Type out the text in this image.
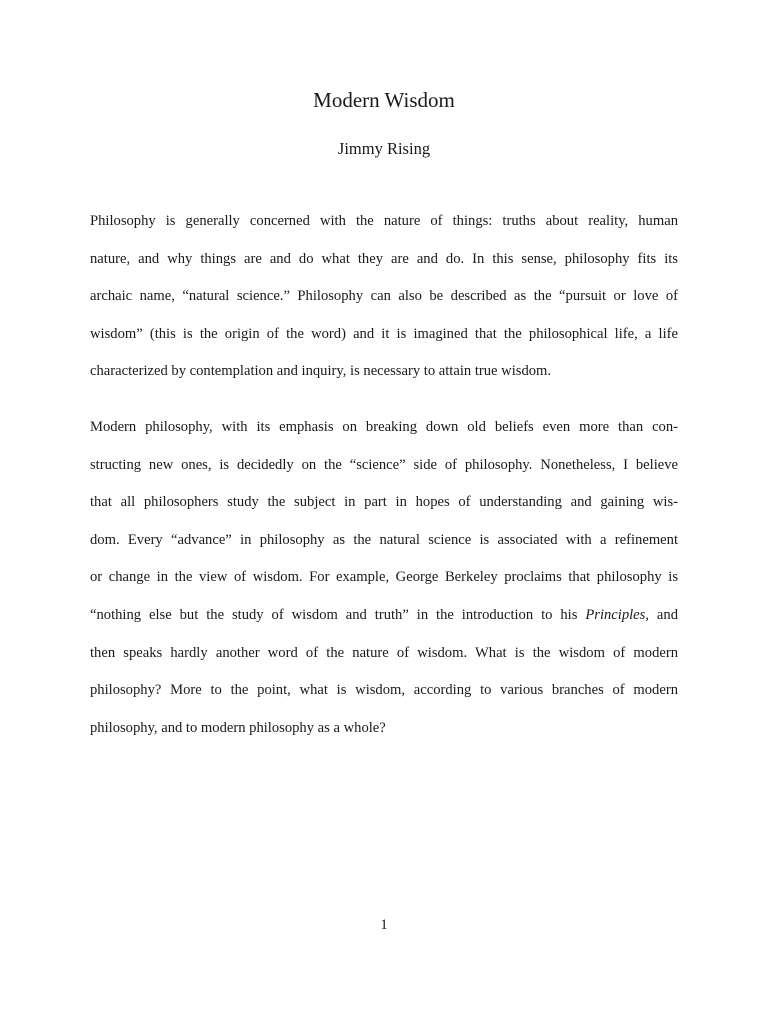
Modern Wisdom
Jimmy Rising
Philosophy is generally concerned with the nature of things: truths about reality, human
nature, and why things are and do what they are and do. In this sense, philosophy fits its
archaic name, “natural science.” Philosophy can also be described as the “pursuit or love of
wisdom” (this is the origin of the word) and it is imagined that the philosophical life, a life
characterized by contemplation and inquiry, is necessary to attain true wisdom.
Modern philosophy, with its emphasis on breaking down old beliefs even more than con-
structing new ones, is decidedly on the “science” side of philosophy. Nonetheless, I believe
that all philosophers study the subject in part in hopes of understanding and gaining wis-
dom. Every “advance” in philosophy as the natural science is associated with a refinement
or change in the view of wisdom. For example, George Berkeley proclaims that philosophy is
“nothing else but the study of wisdom and truth” in the introduction to his Principles, and
then speaks hardly another word of the nature of wisdom. What is the wisdom of modern
philosophy? More to the point, what is wisdom, according to various branches of modern
philosophy, and to modern philosophy as a whole?
1
